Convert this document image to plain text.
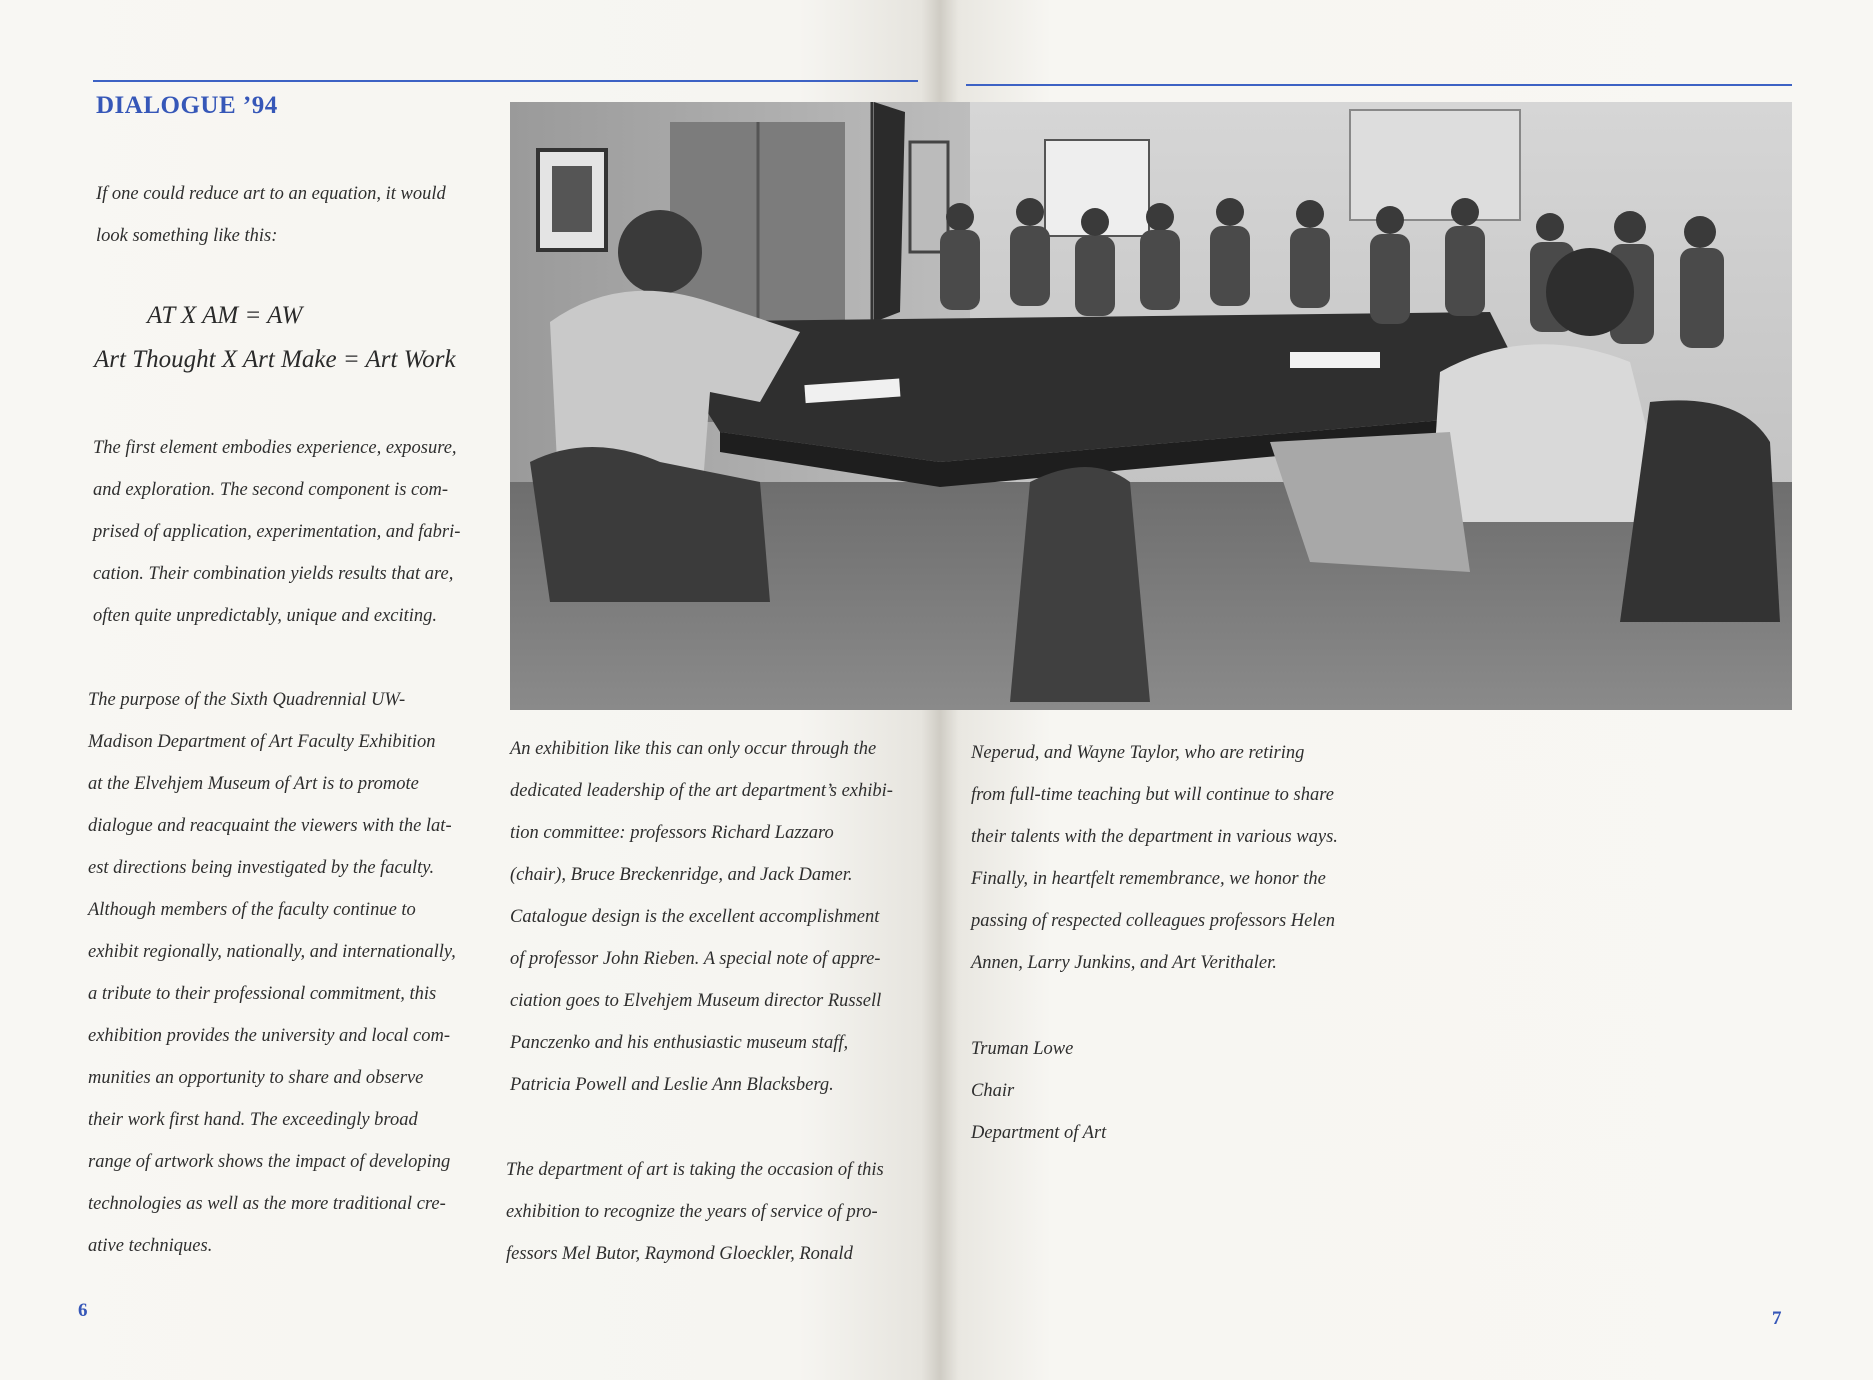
DIALOGUE ’94

If one could reduce art to an equation, it would
look something like this:

AT X AM = AW
Art Thought X Art Make = Art Work

The first element embodies experience, exposure,
and exploration. The second component is com-
prised of application, experimentation, and fabri-
cation. Their combination yields results that are,
often quite unpredictably, unique and exciting.

The purpose of the Sixth Quadrennial UW-
Madison Department of Art Faculty Exhibition
at the Elvehjem Museum of Art is to promote
dialogue and reacquaint the viewers with the lat-
est directions being investigated by the faculty.
Although members of the faculty continue to
exhibit regionally, nationally, and internationally,
a tribute to their professional commitment, this
exhibition provides the university and local com-
munities an opportunity to share and observe
their work first hand. The exceedingly broad
range of artwork shows the impact of developing
technologies as well as the more traditional cre-
ative techniques.

An exhibition like this can only occur through the
dedicated leadership of the art department’s exhibi-
tion committee: professors Richard Lazzaro
(chair), Bruce Breckenridge, and Jack Damer.
Catalogue design is the excellent accomplishment
of professor John Rieben. A special note of appre-
ciation goes to Elvehjem Museum director Russell
Panczenko and his enthusiastic museum staff,
Patricia Powell and Leslie Ann Blacksberg.

The department of art is taking the occasion of this
exhibition to recognize the years of service of pro-
fessors Mel Butor, Raymond Gloeckler, Ronald

Neperud, and Wayne Taylor, who are retiring
from full-time teaching but will continue to share
their talents with the department in various ways.
Finally, in heartfelt remembrance, we honor the
passing of respected colleagues professors Helen
Annen, Larry Junkins, and Art Verithaler.

Truman Lowe
Chair
Department of Art

6	7
